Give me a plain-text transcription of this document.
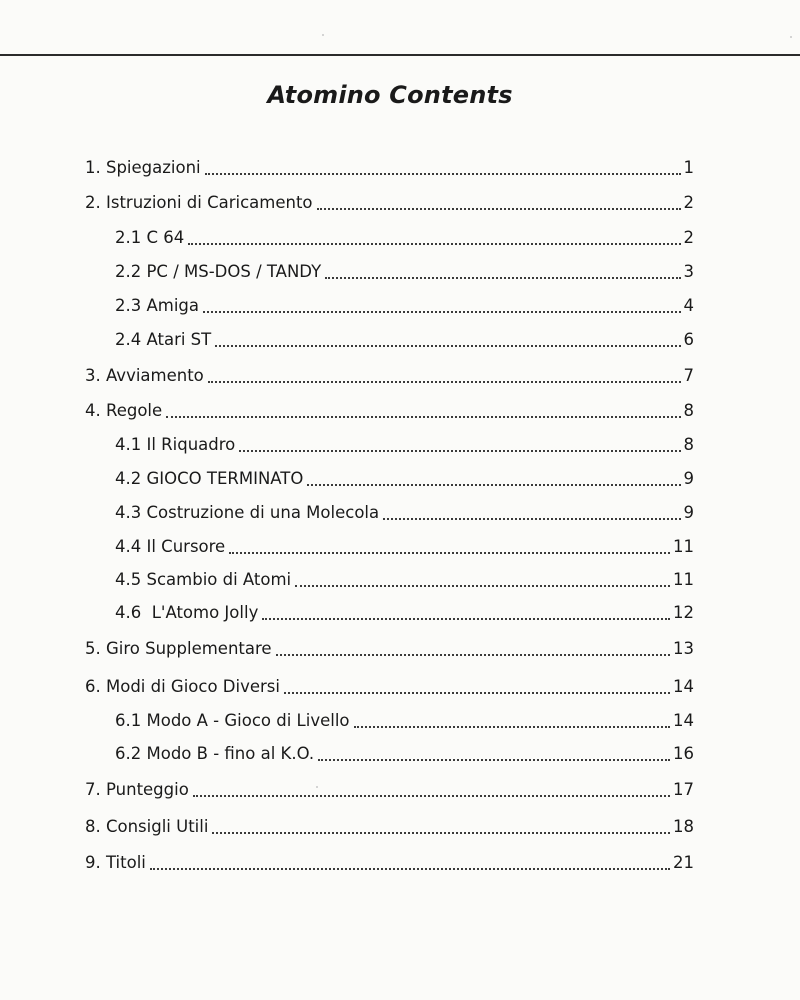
Atomino Contents
1. Spiegazioni	1
2. Istruzioni di Caricamento	2
2.1 C 64	2
2.2 PC / MS-DOS / TANDY	3
2.3 Amiga	4
2.4 Atari ST	6
3. Avviamento	7
4. Regole	8
4.1 Il Riquadro	8
4.2 GIOCO TERMINATO	9
4.3 Costruzione di una Molecola	9
4.4 Il Cursore	11
4.5 Scambio di Atomi	11
4.6  L'Atomo Jolly	12
5. Giro Supplementare	13
6. Modi di Gioco Diversi	14
6.1 Modo A - Gioco di Livello	14
6.2 Modo B - fino al K.O.	16
7. Punteggio	17
8. Consigli Utili	18
9. Titoli	21
